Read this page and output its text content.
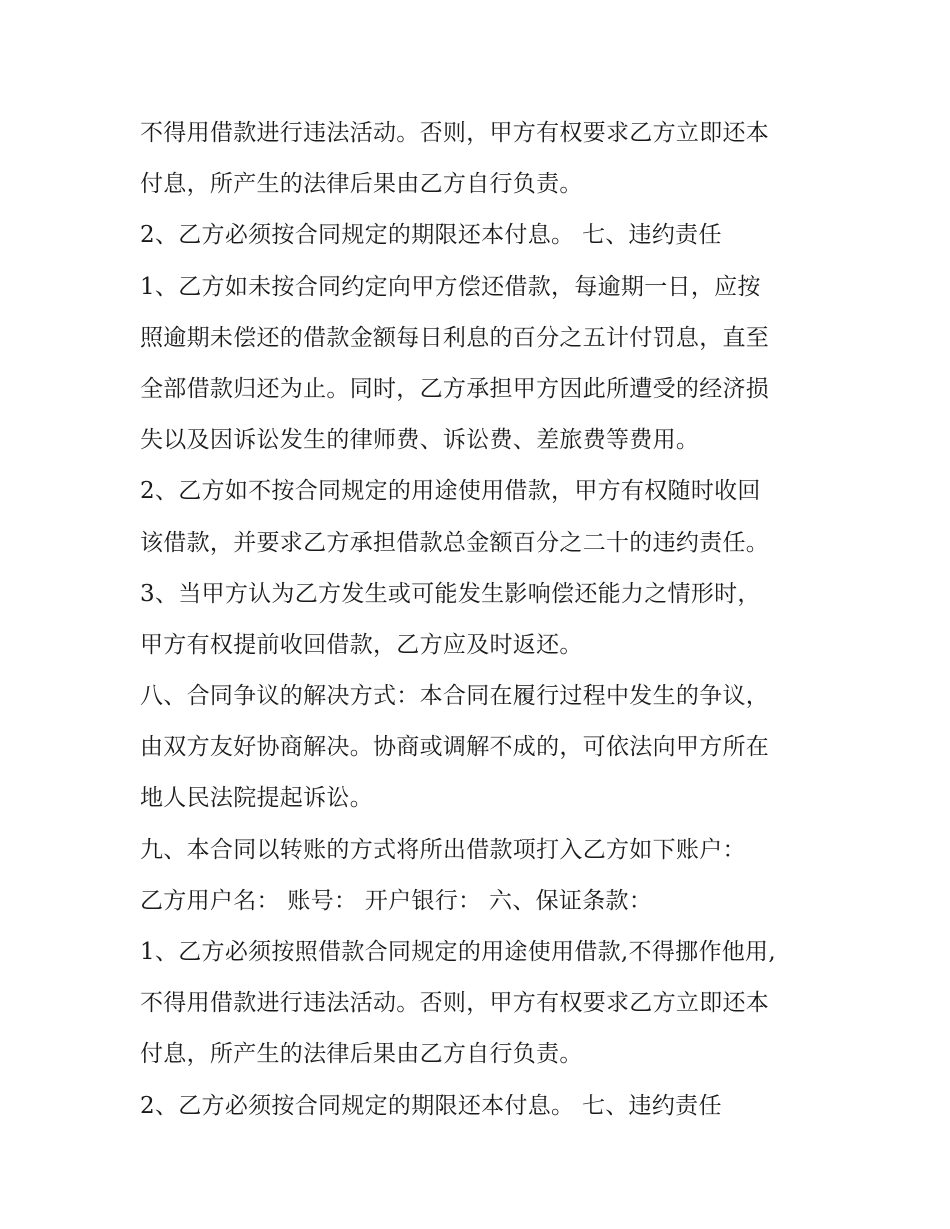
不得用借款进行违法活动。否则，甲方有权要求乙方立即还本
付息，所产生的法律后果由乙方自行负责。
2、乙方必须按合同规定的期限还本付息。 七、违约责任
1、乙方如未按合同约定向甲方偿还借款，每逾期一日，应按
照逾期未偿还的借款金额每日利息的百分之五计付罚息，直至
全部借款归还为止。同时，乙方承担甲方因此所遭受的经济损
失以及因诉讼发生的律师费、诉讼费、差旅费等费用。
2、乙方如不按合同规定的用途使用借款，甲方有权随时收回
该借款，并要求乙方承担借款总金额百分之二十的违约责任。
3、当甲方认为乙方发生或可能发生影响偿还能力之情形时，
甲方有权提前收回借款，乙方应及时返还。
八、合同争议的解决方式：本合同在履行过程中发生的争议，
由双方友好协商解决。协商或调解不成的，可依法向甲方所在
地人民法院提起诉讼。
九、本合同以转账的方式将所出借款项打入乙方如下账户：
乙方用户名： 账号： 开户银行： 六、保证条款：
1、乙方必须按照借款合同规定的用途使用借款,不得挪作他用,
不得用借款进行违法活动。否则，甲方有权要求乙方立即还本
付息，所产生的法律后果由乙方自行负责。
2、乙方必须按合同规定的期限还本付息。 七、违约责任
